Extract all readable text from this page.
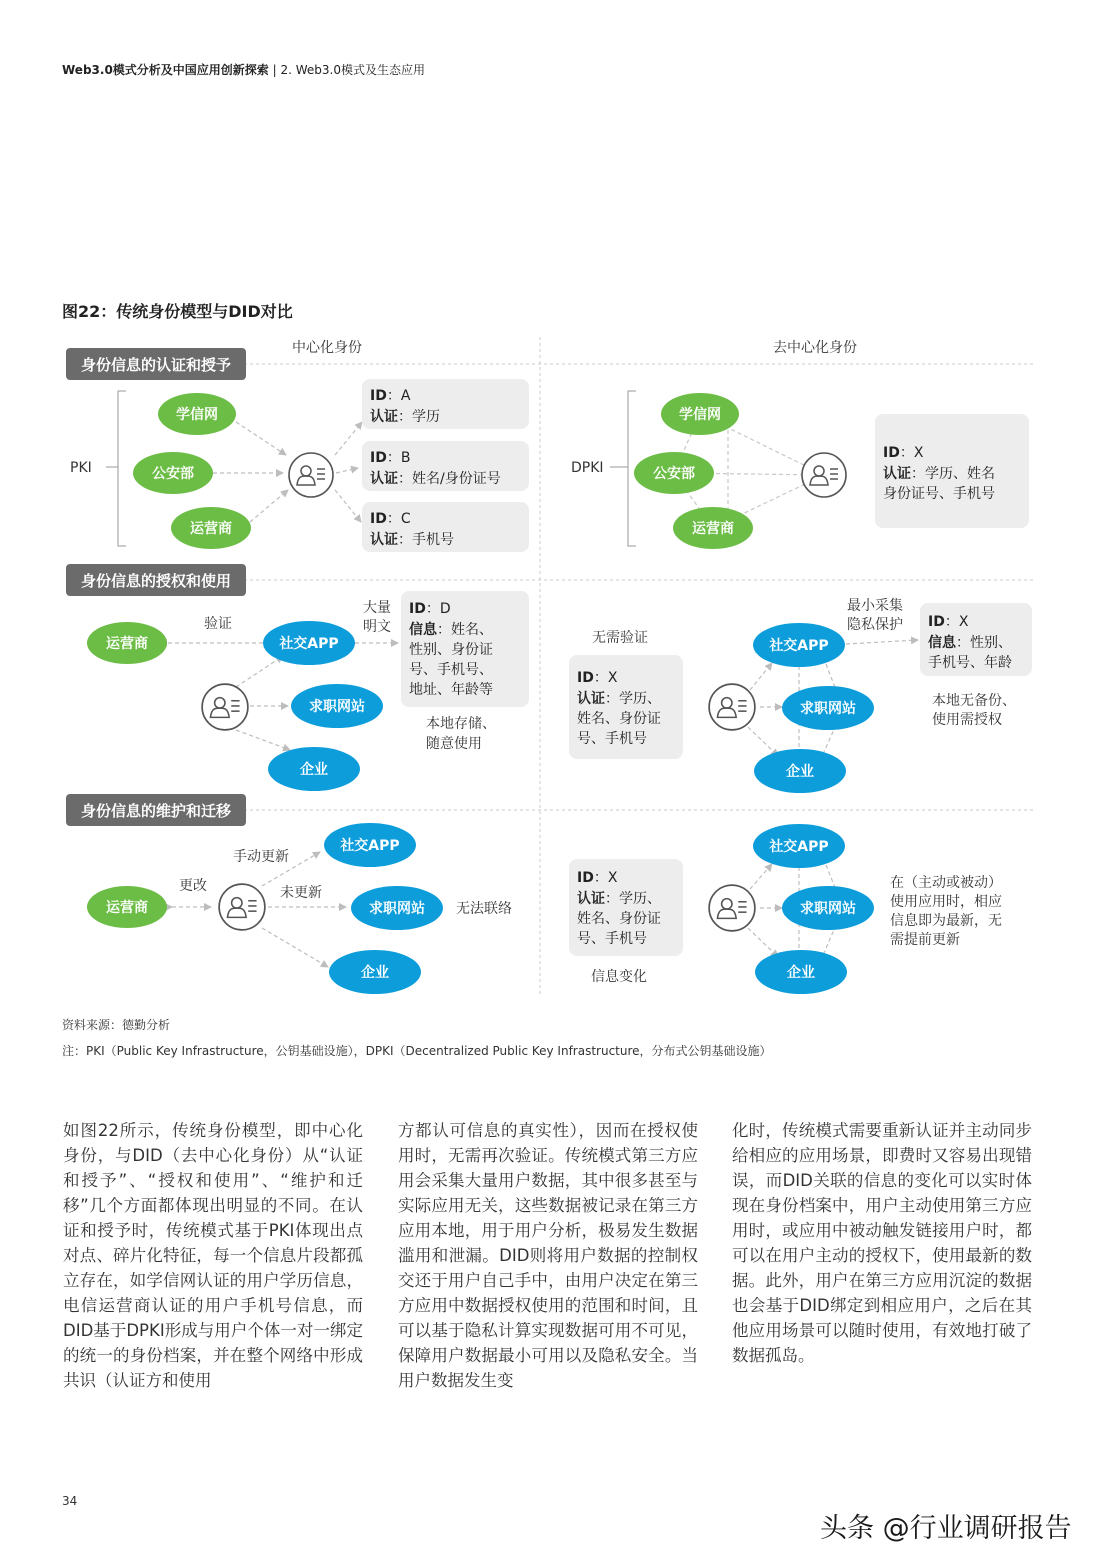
Web3.0模式分析及中国应用创新探索 | 2. Web3.0模式及生态应用
图22：传统身份模型与DID对比
中心化身份	去中心化身份
身份信息的认证和授予
身份信息的授权和使用
身份信息的维护和迁移
PKI
学信网
公安部
运营商
ID：A
认证：学历
ID：B
认证：姓名/身份证号
ID：C
认证：手机号
DPKI
学信网
公安部
运营商
ID：X
认证：学历、姓名
身份证号、手机号
验证
大量
明文
运营商	社交APP
求职网站
企业
ID：D
信息：姓名、
性别、身份证
号、手机号、
地址、年龄等
本地存储、
随意使用
无需验证
最小采集
隐私保护
ID：X
认证：学历、
姓名、身份证
号、手机号
社交APP
求职网站
企业
ID：X
信息：性别、
手机号、年龄
本地无备份、
使用需授权
更改
手动更新
未更新
运营商
社交APP
求职网站
企业
无法联络
ID：X
认证：学历、
姓名、身份证
号、手机号
信息变化
社交APP
求职网站
企业
在（主动或被动）
使用应用时，相应
信息即为最新，无
需提前更新
资料来源：德勤分析
注：PKI（Public Key Infrastructure，公钥基础设施），DPKI（Decentralized Public Key Infrastructure，分布式公钥基础设施）
如图22所示，传统身份模型，即中心化身份，与DID（去中心化身份）从“认证和授予”、“授权和使用”、“维护和迁移”几个方面都体现出明显的不同。在认证和授予时，传统模式基于PKI体现出点对点、碎片化特征，每一个信息片段都孤立存在，如学信网认证的用户学历信息，电信运营商认证的用户手机号信息，而DID基于DPKI形成与用户个体一对一绑定的统一的身份档案，并在整个网络中形成共识（认证方和使用
方都认可信息的真实性），因而在授权使用时，无需再次验证。传统模式第三方应用会采集大量用户数据，其中很多甚至与实际应用无关，这些数据被记录在第三方应用本地，用于用户分析，极易发生数据滥用和泄漏。DID则将用户数据的控制权交还于用户自己手中，由用户决定在第三方应用中数据授权使用的范围和时间，且可以基于隐私计算实现数据可用不可见，保障用户数据最小可用以及隐私安全。当用户数据发生变
化时，传统模式需要重新认证并主动同步给相应的应用场景，即费时又容易出现错误，而DID关联的信息的变化可以实时体现在身份档案中，用户主动使用第三方应用时，或应用中被动触发链接用户时，都可以在用户主动的授权下，使用最新的数据。此外，用户在第三方应用沉淀的数据也会基于DID绑定到相应用户，之后在其他应用场景可以随时使用，有效地打破了数据孤岛。
34
头条 @行业调研报告
